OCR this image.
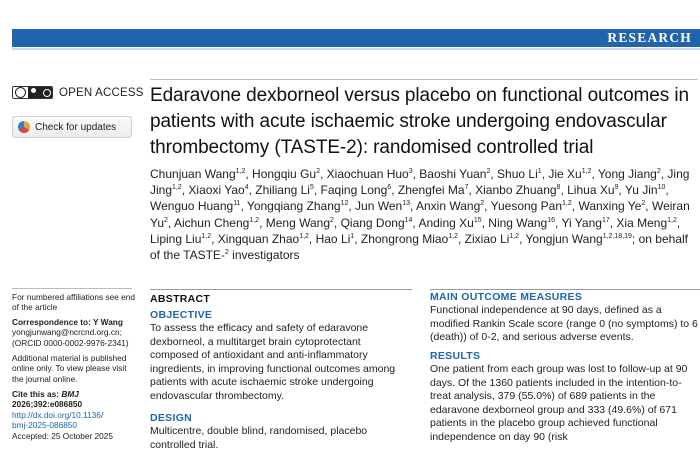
RESEARCH
OPEN ACCESS
Check for updates
Edaravone dexborneol versus placebo on functional outcomes in patients with acute ischaemic stroke undergoing endovascular thrombectomy (TASTE-2): randomised controlled trial
Chunjuan Wang$^{1,2}$, Hongqiu Gu$^2$, Xiaochuan Huo$^3$, Baoshi Yuan$^2$, Shuo Li$^1$, Jie Xu$^{1,2}$, Yong Jiang$^2$, Jing Jing$^{1,2}$, Xiaoxi Yao$^4$, Zhiliang Li$^5$, Faqing Long$^6$, Zhengfei Ma$^7$, Xianbo Zhuang$^8$, Lihua Xu$^9$, Yu Jin$^{10}$, Wenguo Huang$^{11}$, Yongqiang Zhang$^{12}$, Jun Wen$^{13}$, Anxin Wang$^2$, Yuesong Pan$^{1,2}$, Wanxing Ye$^2$, Weiran Yu$^2$, Aichun Cheng$^{1,2}$, Meng Wang$^2$, Qiang Dong$^{14}$, Anding Xu$^{15}$, Ning Wang$^{16}$, Yi Yang$^{17}$, Xia Meng$^{1,2}$, Liping Liu$^{1,2}$, Xingquan Zhao$^{1,2}$, Hao Li$^1$, Zhongrong Miao$^{1,2}$, Zixiao Li$^{1,2}$, Yongjun Wang$^{1,2,18,19}$; on behalf of the TASTE-$^2$ investigators
For numbered affiliations see end of the article
Correspondence to: Y Wang
yongjunwang@ncrcnd.org.cn;
(ORCID 0000-0002-9976-2341)
Additional material is published online only. To view please visit the journal online.
Cite this as: BMJ 2026;392:e086850
http://dx.doi.org/10.1136/ bmj-2025-086850
Accepted: 25 October 2025
ABSTRACT
OBJECTIVE
To assess the efficacy and safety of edaravone dexborneol, a multitarget brain cytoprotectant composed of antioxidant and anti-inflammatory ingredients, in improving functional outcomes among patients with acute ischaemic stroke undergoing endovascular thrombectomy.
DESIGN
Multicentre, double blind, randomised, placebo controlled trial.
MAIN OUTCOME MEASURES
Functional independence at 90 days, defined as a modified Rankin Scale score (range 0 (no symptoms) to 6 (death)) of 0-2, and serious adverse events.
RESULTS
One patient from each group was lost to follow-up at 90 days. Of the 1360 patients included in the intention-to-treat analysis, 379 (55.0%) of 689 patients in the edaravone dexborneol group and 333 (49.6%) of 671 patients in the placebo group achieved functional independence on day 90 (risk
